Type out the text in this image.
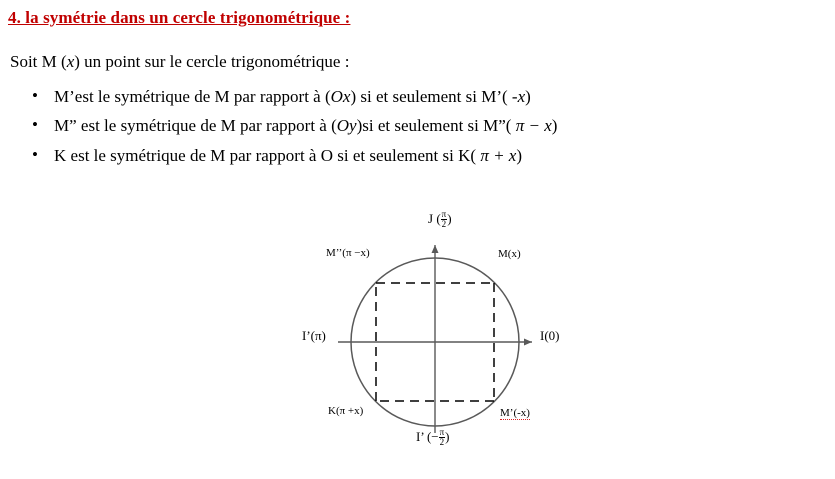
4. la symétrie dans un cercle trigonométrique :
Soit M (x) un point sur le cercle trigonométrique :
• M’est le symétrique de M par rapport à (Ox) si et seulement si M’( -x)
• M” est le symétrique de M par rapport à (Oy)si et seulement si M”( π − x)
• K est le symétrique de M par rapport à O si et seulement si K( π + x)
J ( $\frac{\pi}{2}$ )
M’’(π −x)	M(x)
I’(π)	I(0)
K(π +x)	M’(-x)
I’ (− $\frac{\pi}{2}$ )
